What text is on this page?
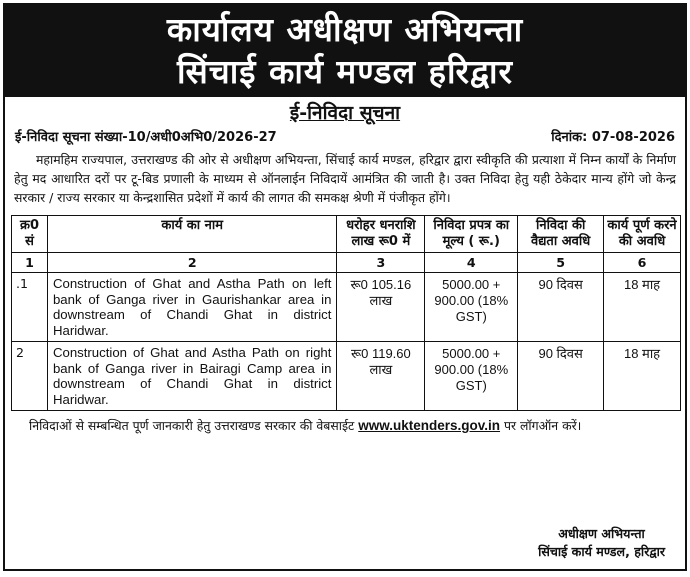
कार्यालय अधीक्षण अभियन्ता
सिंचाई कार्य मण्डल हरिद्वार
ई-निविदा सूचना
ई-निविदा सूचना संख्या-10/अधी0अभि0/2026-27	दिनांक: 07-08-2026
महामहिम राज्यपाल, उत्तराखण्ड की ओर से अधीक्षण अभियन्ता, सिंचाई कार्य मण्डल, हरिद्वार द्वारा स्वीकृति की प्रत्याशा में निम्न कार्यों के निर्माण हेतु मद आधारित दरों पर टू-बिड प्रणाली के माध्यम से ऑनलाईन निविदायें आमंत्रित की जाती है। उक्त निविदा हेतु यही ठेकेदार मान्य होंगे जो केन्द्र सरकार / राज्य सरकार या केन्द्रशासित प्रदेशों में कार्य की लागत की समकक्ष श्रेणी में पंजीकृत होंगे।
क्र0 सं	कार्य का नाम	धरोहर धनराशि लाख रू0 में	निविदा प्रपत्र का मूल्य ( रू.)	निविदा की वैद्यता अवधि	कार्य पूर्ण करने की अवधि
1	2	3	4	5	6
.1	Construction of Ghat and Astha Path on left bank of Ganga river in Gaurishankar area in downstream of Chandi Ghat in district Haridwar.	रू0 105.16 लाख	5000.00 + 900.00 (18% GST)	90 दिवस	18 माह
2	Construction of Ghat and Astha Path on right bank of Ganga river in Bairagi Camp area in downstream of Chandi Ghat in district Haridwar.	रू0 119.60 लाख	5000.00 + 900.00 (18% GST)	90 दिवस	18 माह
निविदाओं से सम्बन्धित पूर्ण जानकारी हेतु उत्तराखण्ड सरकार की वेबसाईट www.uktenders.gov.in पर लॉगऑन करें।
अधीक्षण अभियन्ता
सिंचाई कार्य मण्डल, हरिद्वार
